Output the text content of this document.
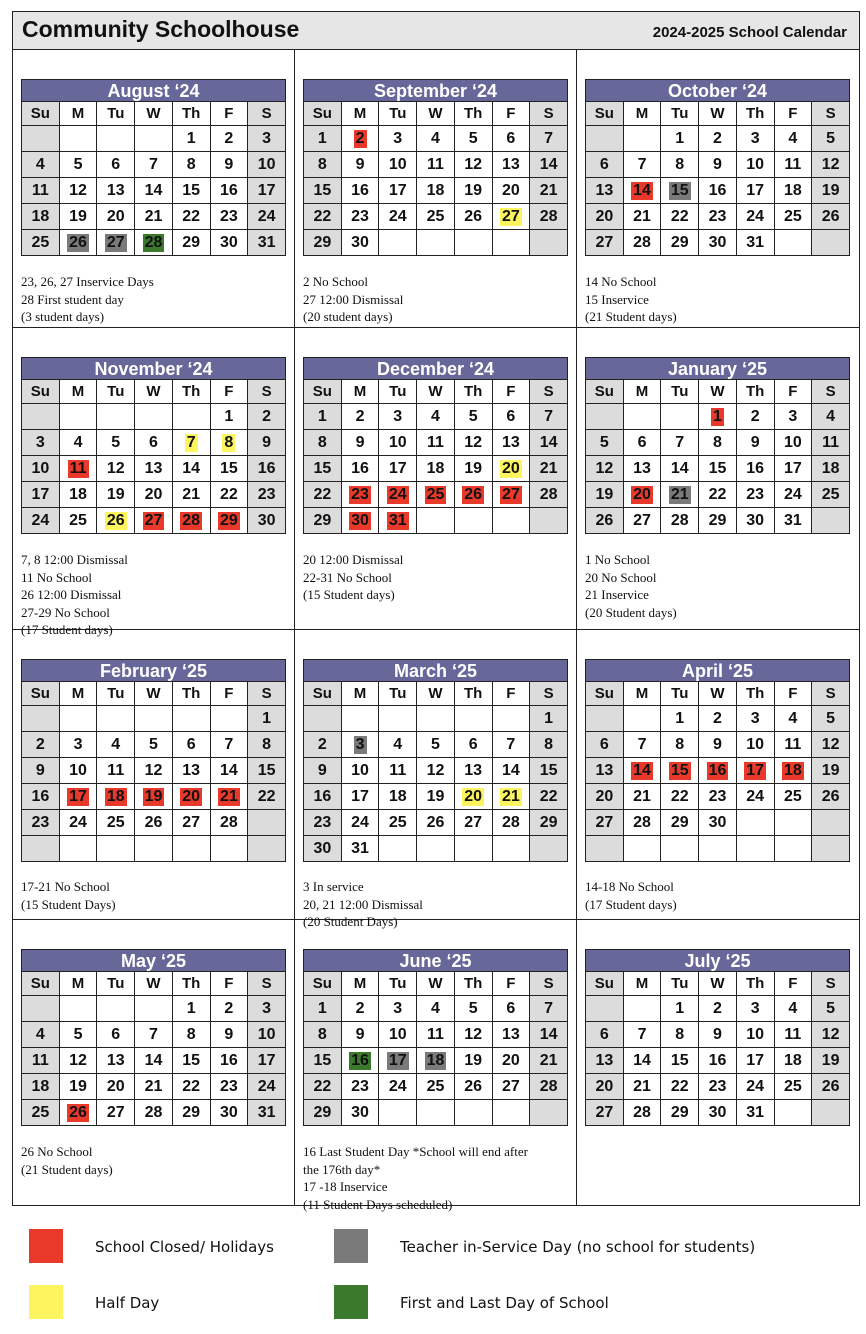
Community Schoolhouse	2024-2025 School Calendar
August ‘24
Su	M	Tu	W	Th	F	S
				1	2	3
4	5	6	7	8	9	10
11	12	13	14	15	16	17
18	19	20	21	22	23	24
25	26	27	28	29	30	31
23, 26, 27 Inservice Days
28 First student day
(3 student days)
September ‘24
Su	M	Tu	W	Th	F	S
1	2	3	4	5	6	7
8	9	10	11	12	13	14
15	16	17	18	19	20	21
22	23	24	25	26	27	28
29	30					
2 No School
27 12:00 Dismissal
(20 student days)
October ‘24
Su	M	Tu	W	Th	F	S
		1	2	3	4	5
6	7	8	9	10	11	12
13	14	15	16	17	18	19
20	21	22	23	24	25	26
27	28	29	30	31		
14 No School
15 Inservice
(21 Student days)
November ‘24
Su	M	Tu	W	Th	F	S
					1	2
3	4	5	6	7	8	9
10	11	12	13	14	15	16
17	18	19	20	21	22	23
24	25	26	27	28	29	30
7, 8 12:00 Dismissal
11 No School
26 12:00 Dismissal
27-29 No School
(17 Student days)
December ‘24
Su	M	Tu	W	Th	F	S
1	2	3	4	5	6	7
8	9	10	11	12	13	14
15	16	17	18	19	20	21
22	23	24	25	26	27	28
29	30	31				
20 12:00 Dismissal
22-31 No School
(15 Student days)
January ‘25
Su	M	Tu	W	Th	F	S
			1	2	3	4
5	6	7	8	9	10	11
12	13	14	15	16	17	18
19	20	21	22	23	24	25
26	27	28	29	30	31	
1 No School
20 No School
21 Inservice
(20 Student days)
February ‘25
Su	M	Tu	W	Th	F	S
						1
2	3	4	5	6	7	8
9	10	11	12	13	14	15
16	17	18	19	20	21	22
23	24	25	26	27	28	

17-21 No School
(15 Student Days)
March ‘25
Su	M	Tu	W	Th	F	S
						1
2	3	4	5	6	7	8
9	10	11	12	13	14	15
16	17	18	19	20	21	22
23	24	25	26	27	28	29
30	31					
3 In service
20, 21 12:00 Dismissal
(20 Student Days)
April ‘25
Su	M	Tu	W	Th	F	S
		1	2	3	4	5
6	7	8	9	10	11	12
13	14	15	16	17	18	19
20	21	22	23	24	25	26
27	28	29	30			

14-18 No School
(17 Student days)
May ‘25
Su	M	Tu	W	Th	F	S
				1	2	3
4	5	6	7	8	9	10
11	12	13	14	15	16	17
18	19	20	21	22	23	24
25	26	27	28	29	30	31
26 No School
(21 Student days)
June ‘25
Su	M	Tu	W	Th	F	S
1	2	3	4	5	6	7
8	9	10	11	12	13	14
15	16	17	18	19	20	21
22	23	24	25	26	27	28
29	30					
16 Last Student Day *School will end after
the 176th day*
17 -18 Inservice
(11 Student Days scheduled)
July ‘25
Su	M	Tu	W	Th	F	S
		1	2	3	4	5
6	7	8	9	10	11	12
13	14	15	16	17	18	19
20	21	22	23	24	25	26
27	28	29	30	31		
School Closed/ Holidays	Teacher in-Service Day (no school for students)
Half Day	First and Last Day of School
